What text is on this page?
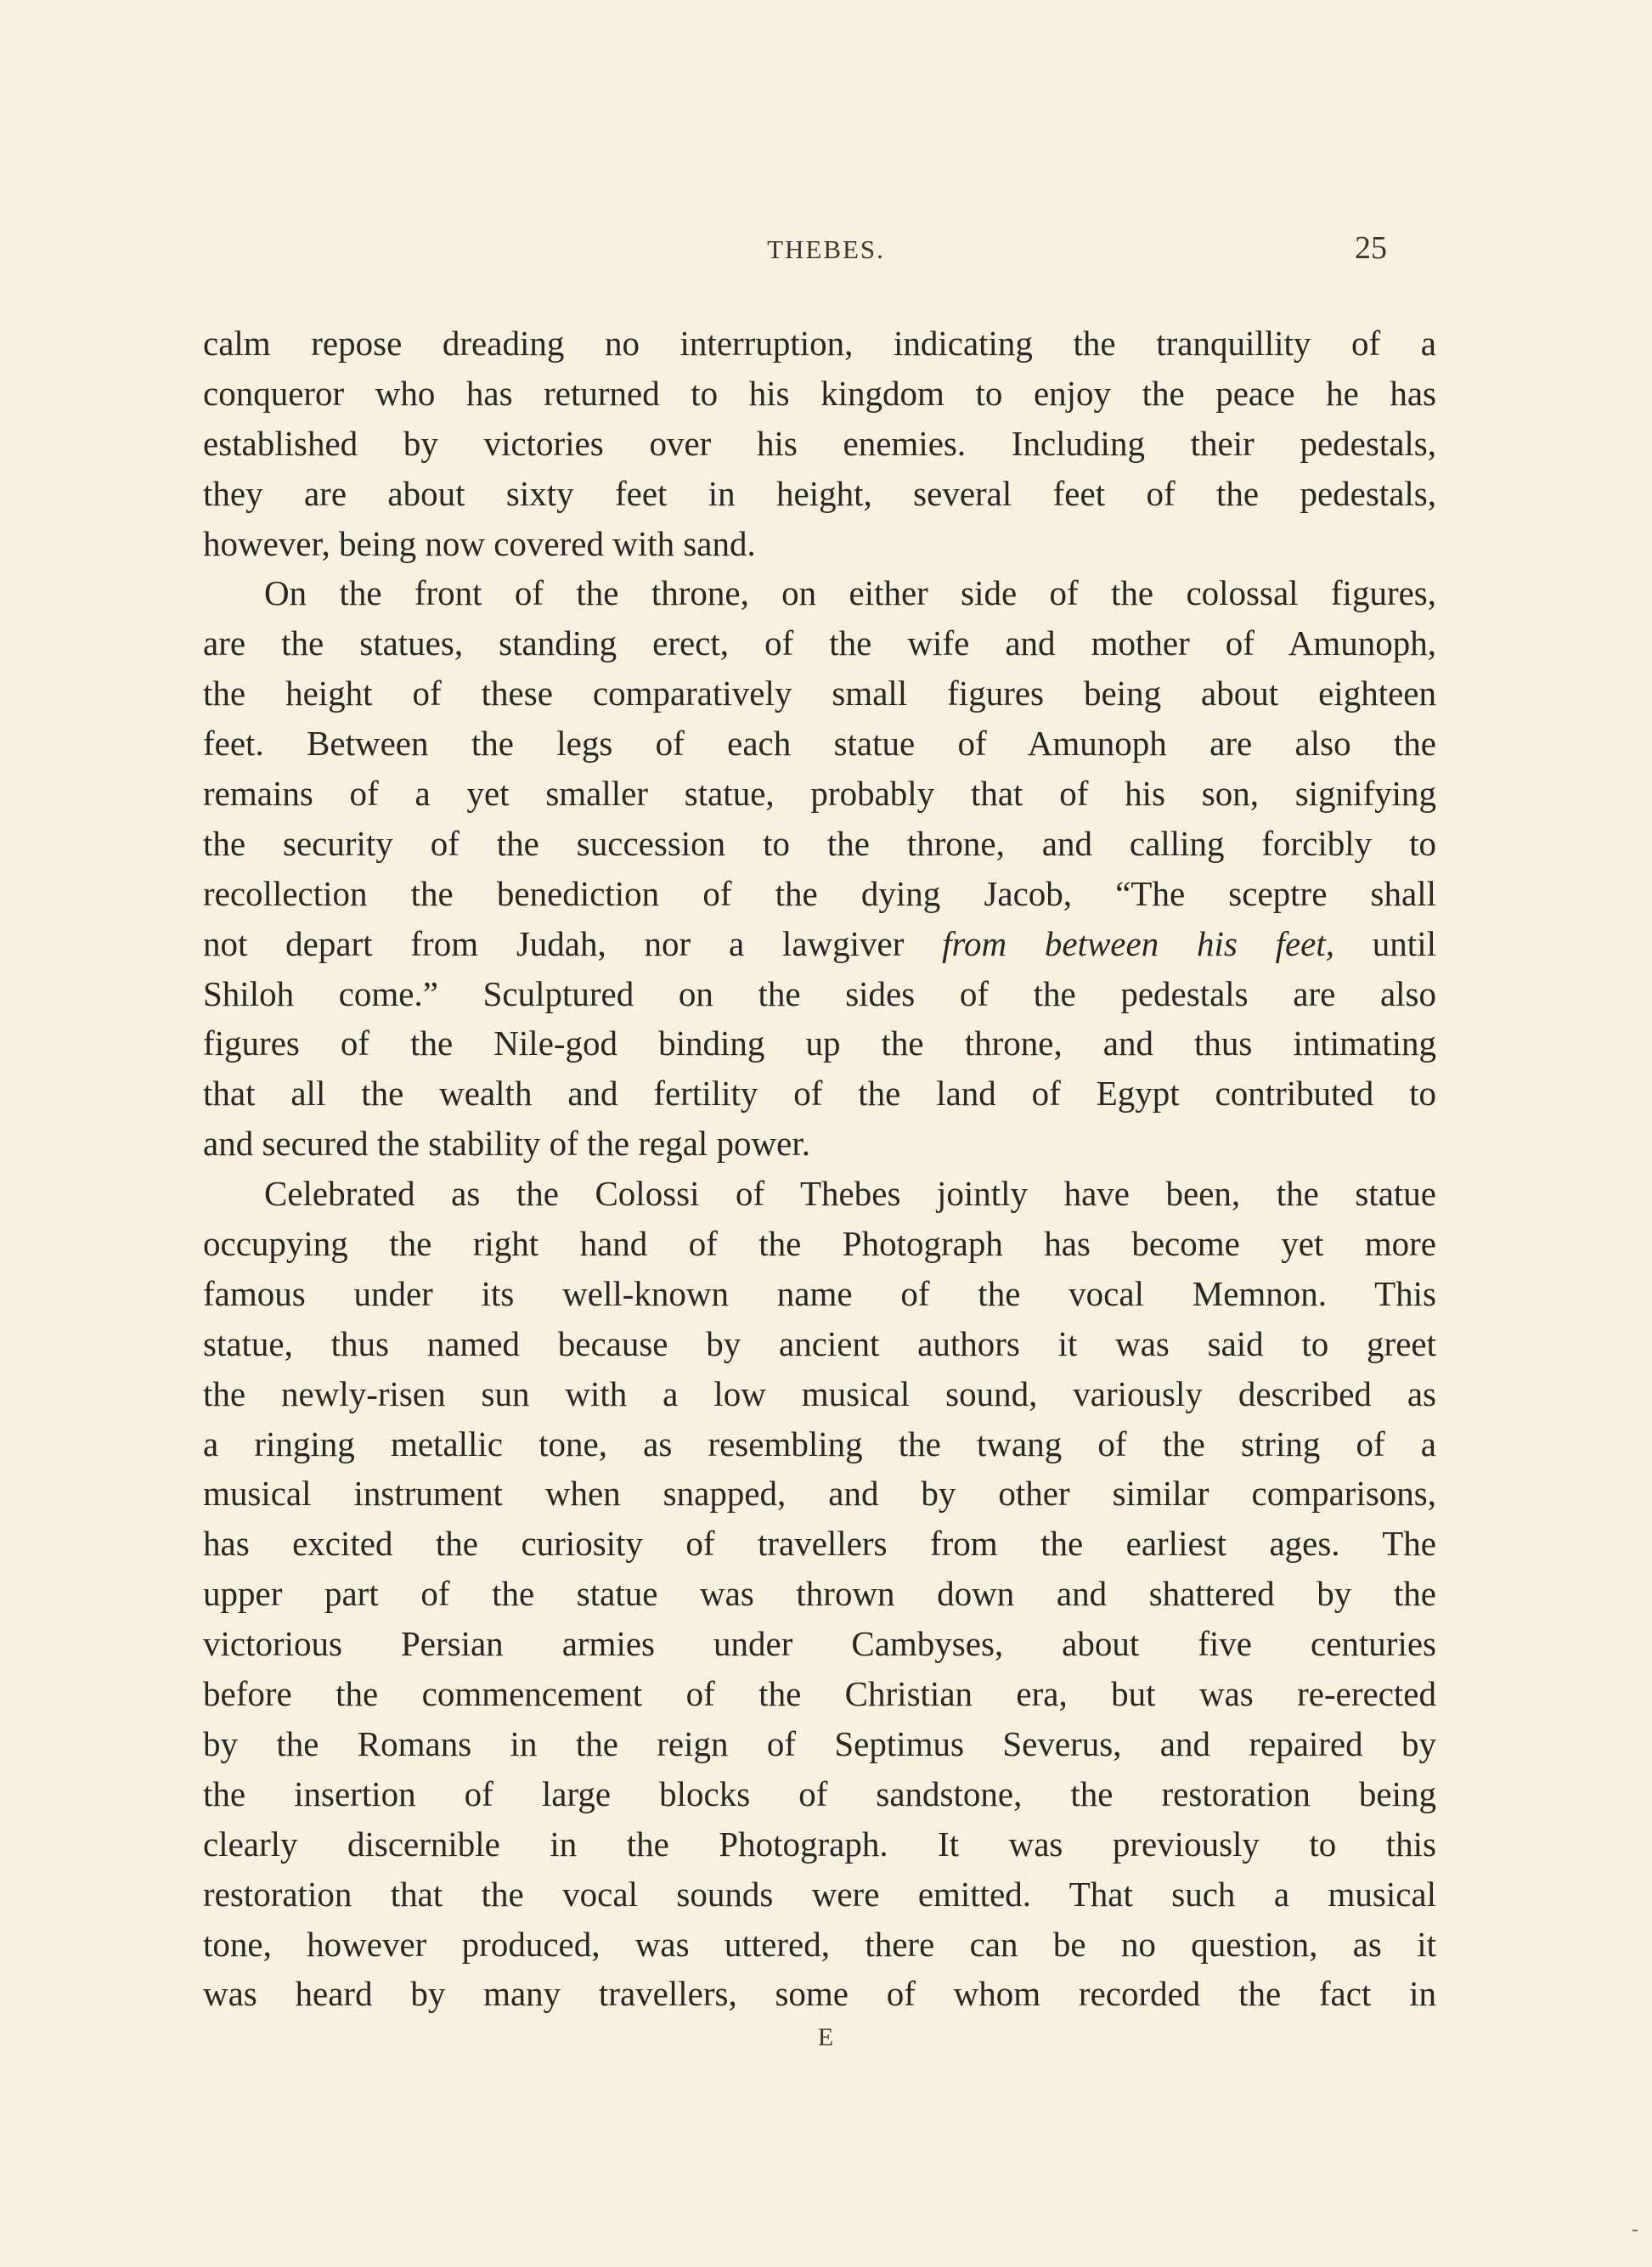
THEBES.	25
calm repose dreading no interruption, indicating the tranquillity of a
conqueror who has returned to his kingdom to enjoy the peace he has
established by victories over his enemies. Including their pedestals,
they are about sixty feet in height, several feet of the pedestals,
however, being now covered with sand.
On the front of the throne, on either side of the colossal figures,
are the statues, standing erect, of the wife and mother of Amunoph,
the height of these comparatively small figures being about eighteen
feet. Between the legs of each statue of Amunoph are also the
remains of a yet smaller statue, probably that of his son, signifying
the security of the succession to the throne, and calling forcibly to
recollection the benediction of the dying Jacob, “The sceptre shall
not depart from Judah, nor a lawgiver from between his feet, until
Shiloh come.” Sculptured on the sides of the pedestals are also
figures of the Nile-god binding up the throne, and thus intimating
that all the wealth and fertility of the land of Egypt contributed to
and secured the stability of the regal power.
Celebrated as the Colossi of Thebes jointly have been, the statue
occupying the right hand of the Photograph has become yet more
famous under its well-known name of the vocal Memnon. This
statue, thus named because by ancient authors it was said to greet
the newly-risen sun with a low musical sound, variously described as
a ringing metallic tone, as resembling the twang of the string of a
musical instrument when snapped, and by other similar comparisons,
has excited the curiosity of travellers from the earliest ages. The
upper part of the statue was thrown down and shattered by the
victorious Persian armies under Cambyses, about five centuries
before the commencement of the Christian era, but was re-erected
by the Romans in the reign of Septimus Severus, and repaired by
the insertion of large blocks of sandstone, the restoration being
clearly discernible in the Photograph. It was previously to this
restoration that the vocal sounds were emitted. That such a musical
tone, however produced, was uttered, there can be no question, as it
was heard by many travellers, some of whom recorded the fact in
E
